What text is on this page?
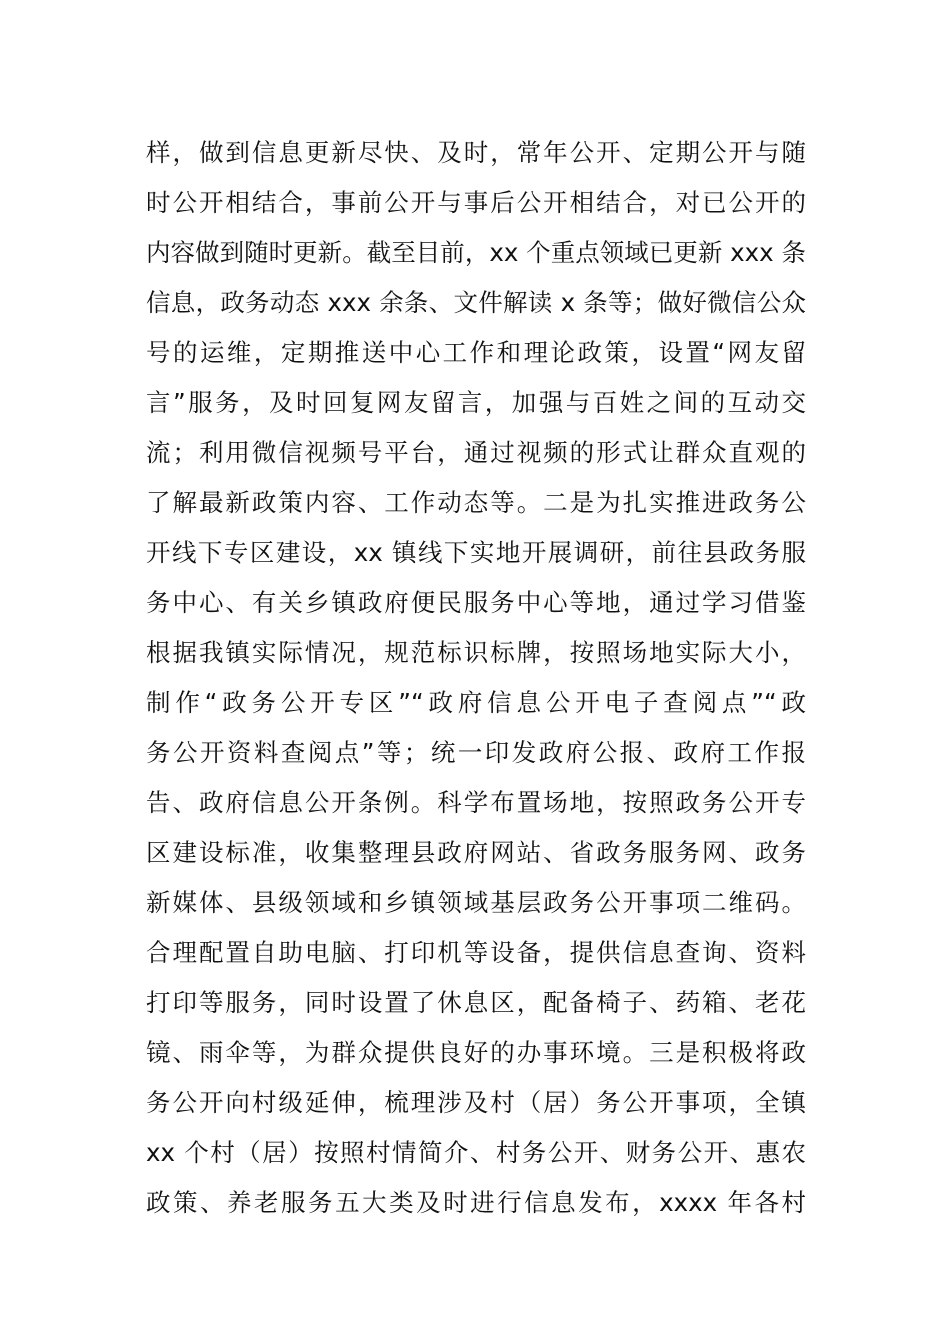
样，做到信息更新尽快、及时，常年公开、定期公开与随
时公开相结合，事前公开与事后公开相结合，对已公开的
内容做到随时更新。截至目前，xx 个重点领域已更新 xxx 条
信息，政务动态 xxx 余条、文件解读 x 条等；做好微信公众
号的运维，定期推送中心工作和理论政策，设置“网友留
言”服务，及时回复网友留言，加强与百姓之间的互动交
流；利用微信视频号平台，通过视频的形式让群众直观的
了解最新政策内容、工作动态等。二是为扎实推进政务公
开线下专区建设，xx 镇线下实地开展调研，前往县政务服
务中心、有关乡镇政府便民服务中心等地，通过学习借鉴
根据我镇实际情况，规范标识标牌，按照场地实际大小，
制作“政务公开专区”“政府信息公开电子查阅点”“政
务公开资料查阅点”等；统一印发政府公报、政府工作报
告、政府信息公开条例。科学布置场地，按照政务公开专
区建设标准，收集整理县政府网站、省政务服务网、政务
新媒体、县级领域和乡镇领域基层政务公开事项二维码。
合理配置自助电脑、打印机等设备，提供信息查询、资料
打印等服务，同时设置了休息区，配备椅子、药箱、老花
镜、雨伞等，为群众提供良好的办事环境。三是积极将政
务公开向村级延伸，梳理涉及村（居）务公开事项，全镇
xx 个村（居）按照村情简介、村务公开、财务公开、惠农
政策、养老服务五大类及时进行信息发布，xxxx 年各村
